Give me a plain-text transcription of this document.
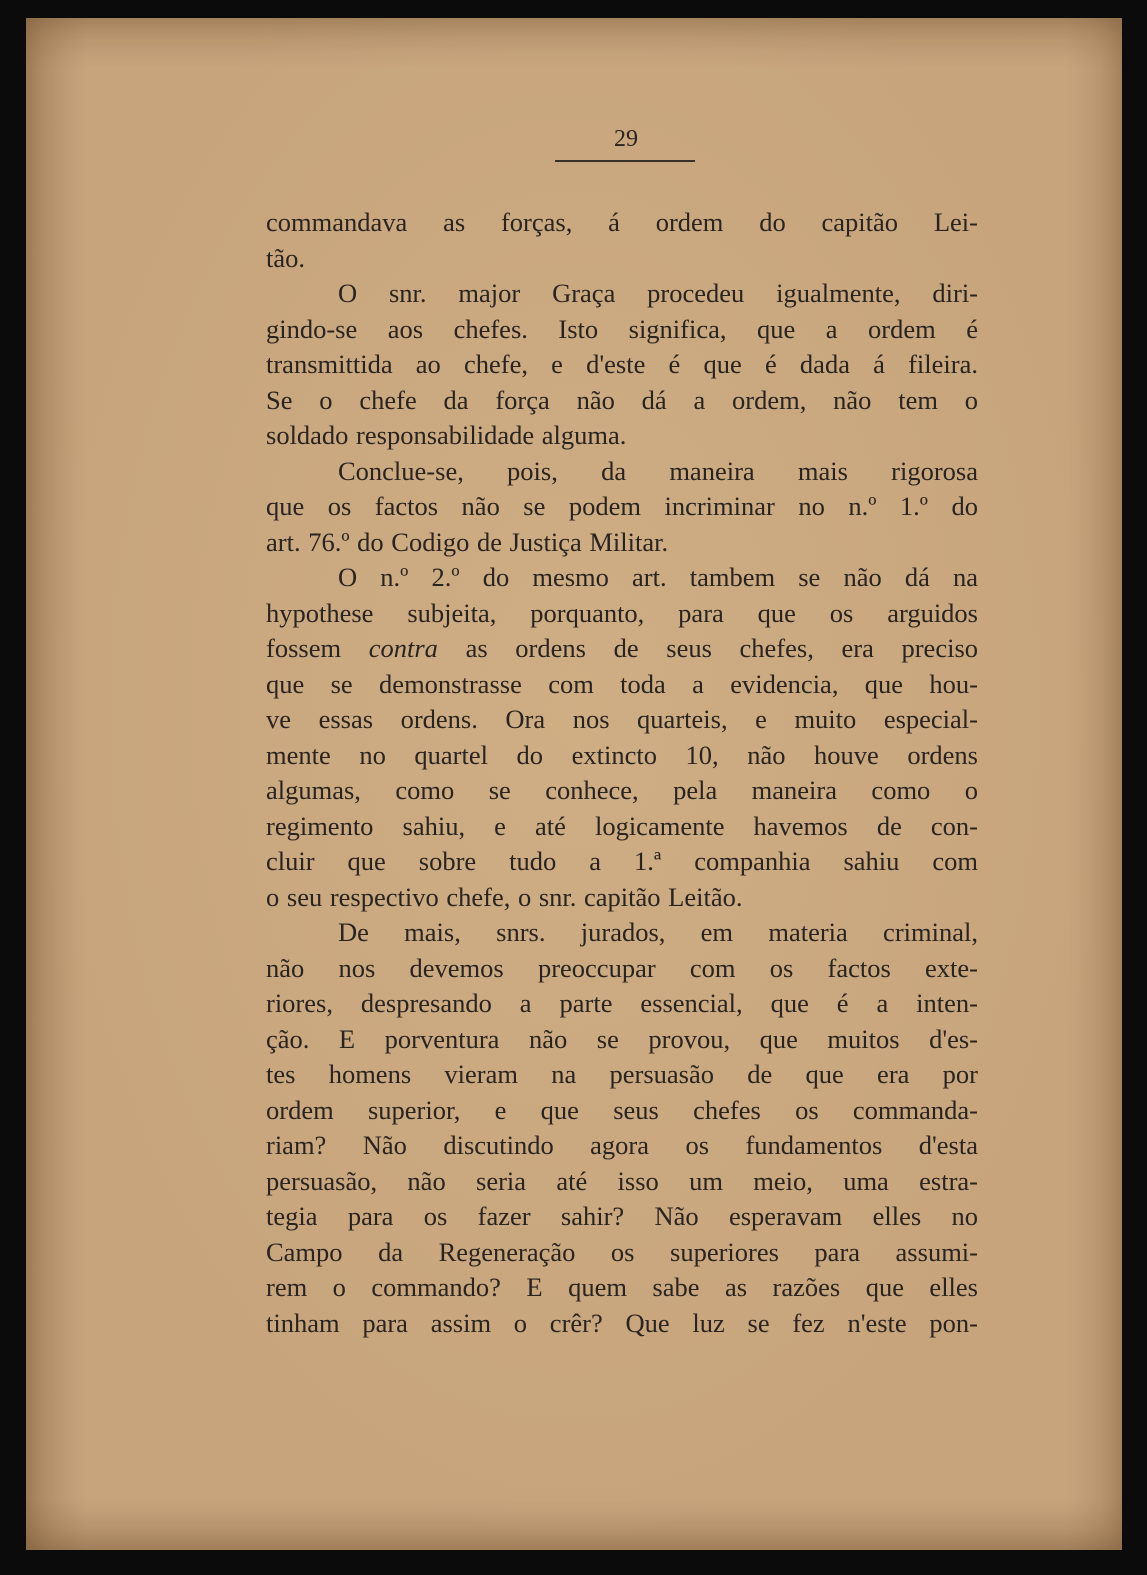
29
commandava as forças, á ordem do capitão Lei-
tão.
O snr. major Graça procedeu igualmente, diri-
gindo-se aos chefes. Isto significa, que a ordem é
transmittida ao chefe, e d'este é que é dada á fileira.
Se o chefe da força não dá a ordem, não tem o
soldado responsabilidade alguma.
Conclue-se, pois, da maneira mais rigorosa
que os factos não se podem incriminar no n.º 1.º do
art. 76.º do Codigo de Justiça Militar.
O n.º 2.º do mesmo art. tambem se não dá na
hypothese subjeita, porquanto, para que os arguidos
fossem contra as ordens de seus chefes, era preciso
que se demonstrasse com toda a evidencia, que hou-
ve essas ordens. Ora nos quarteis, e muito especial-
mente no quartel do extincto 10, não houve ordens
algumas, como se conhece, pela maneira como o
regimento sahiu, e até logicamente havemos de con-
cluir que sobre tudo a 1.ª companhia sahiu com
o seu respectivo chefe, o snr. capitão Leitão.
De mais, snrs. jurados, em materia criminal,
não nos devemos preoccupar com os factos exte-
riores, despresando a parte essencial, que é a inten-
ção. E porventura não se provou, que muitos d'es-
tes homens vieram na persuasão de que era por
ordem superior, e que seus chefes os commanda-
riam? Não discutindo agora os fundamentos d'esta
persuasão, não seria até isso um meio, uma estra-
tegia para os fazer sahir? Não esperavam elles no
Campo da Regeneração os superiores para assumi-
rem o commando? E quem sabe as razões que elles
tinham para assim o crêr? Que luz se fez n'este pon-
